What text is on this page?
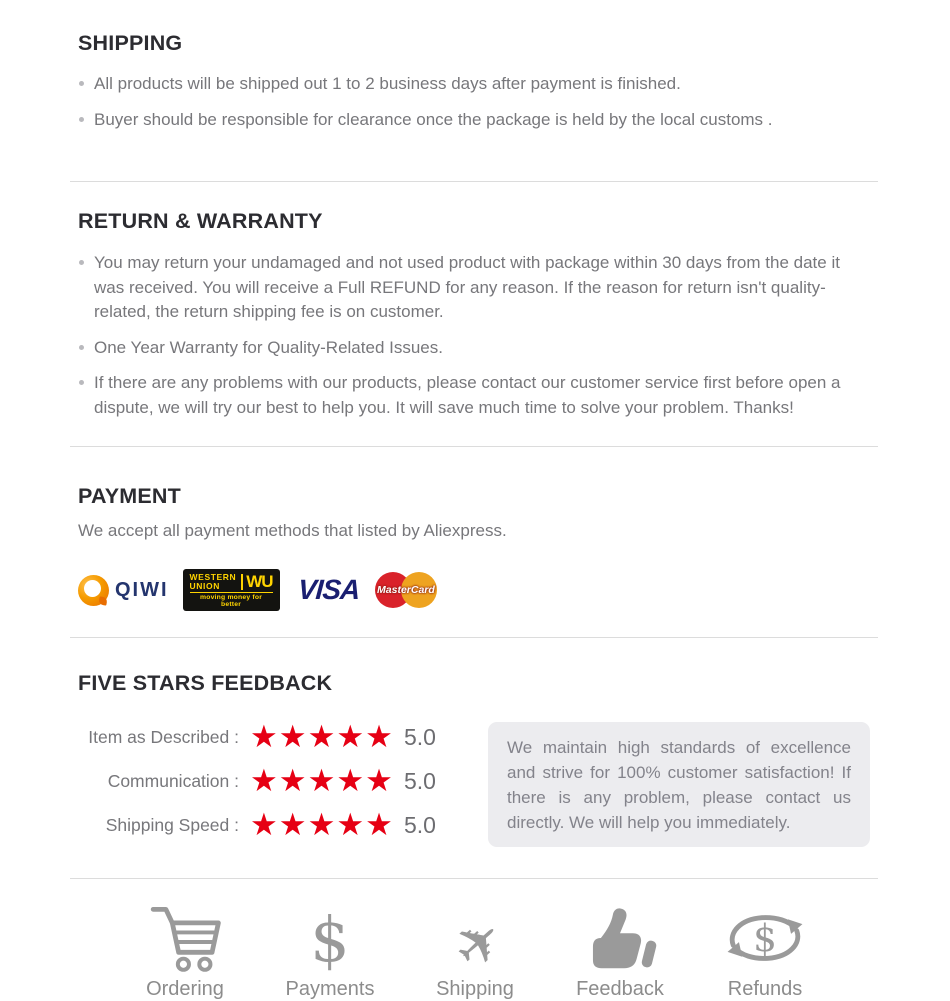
SHIPPING
All products will be shipped out 1 to 2 business days after payment is finished.
Buyer should be responsible for clearance once the package is held by the local customs .
RETURN & WARRANTY
You may return your undamaged and not used product with package within 30 days from the date it was received. You will receive a Full REFUND for any reason. If the reason for return isn't quality-related, the return shipping fee is on customer.
One Year Warranty for Quality-Related Issues.
If there are any problems with our products, please contact our customer service first before open a dispute, we will try our best to help you. It will save much time to solve your problem. Thanks!
PAYMENT

We accept all payment methods that listed by Aliexpress.

QIWI
WESTERN
UNION	WU
moving money for better	VISA MasterCard
FIVE STARS FEEDBACK
Item as Described : ★★★★★ 5.0
Communication : ★★★★★ 5.0
Shipping Speed : ★★★★★ 5.0
We maintain high standards of excellence and strive for 100% customer satisfaction! If there is any problem, please contact us directly. We will help you immediately.
Ordering
$
Payments
✈
Shipping	Feedback
$
Refunds
